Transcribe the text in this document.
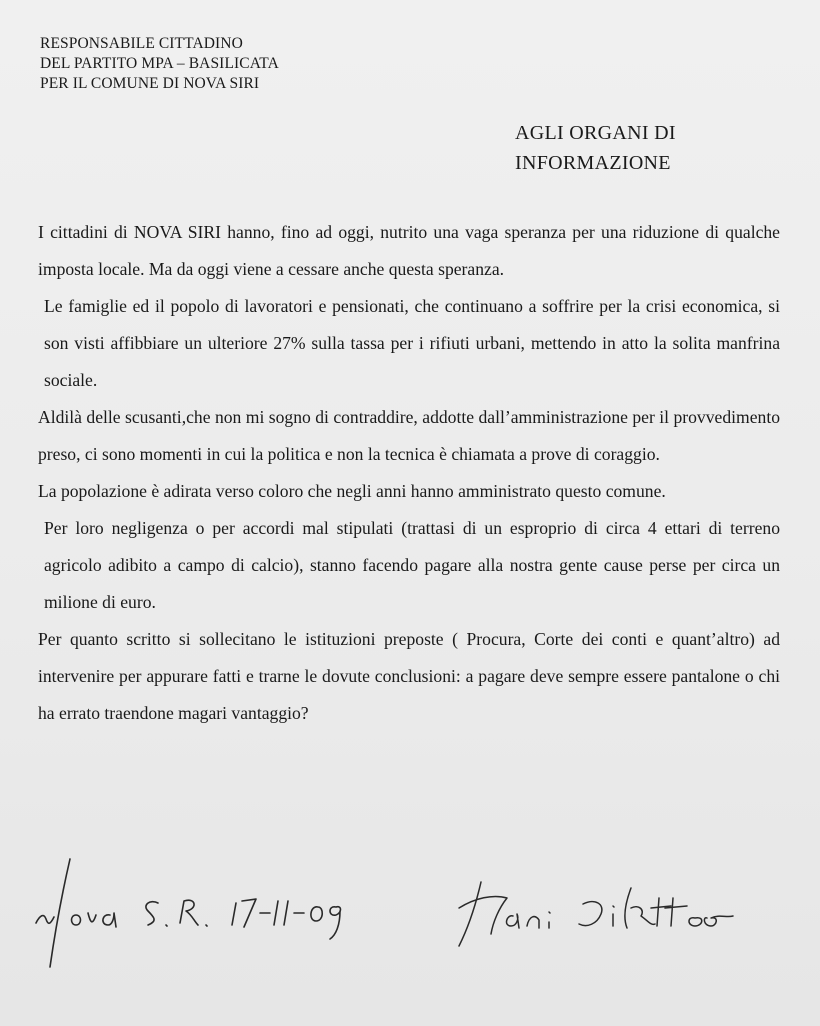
RESPONSABILE CITTADINO
DEL PARTITO MPA – BASILICATA
PER IL COMUNE DI NOVA SIRI
AGLI ORGANI DI
INFORMAZIONE

I cittadini di NOVA SIRI hanno, fino ad oggi, nutrito una vaga speranza per una riduzione di qualche imposta locale. Ma da oggi viene a cessare anche questa speranza.

Le famiglie ed il popolo di lavoratori e pensionati, che continuano a soffrire per la crisi economica, si son visti affibbiare un ulteriore 27% sulla tassa per i rifiuti urbani, mettendo in atto la solita manfrina sociale.

Aldilà delle scusanti,che non mi sogno di contraddire, addotte dall’amministrazione per il provvedimento preso, ci sono momenti in cui la politica e non la tecnica è chiamata a prove di coraggio.

La popolazione è adirata verso coloro che negli anni hanno amministrato questo comune.

Per loro negligenza o per accordi mal stipulati (trattasi di un esproprio di circa 4 ettari di terreno agricolo adibito a campo di calcio), stanno facendo pagare alla nostra gente cause perse per circa un milione di euro.

Per quanto scritto si sollecitano le istituzioni preposte ( Procura, Corte dei conti e quant’altro) ad intervenire per appurare fatti e trarne le dovute conclusioni: a pagare deve sempre essere pantalone o chi ha errato traendone magari vantaggio?
